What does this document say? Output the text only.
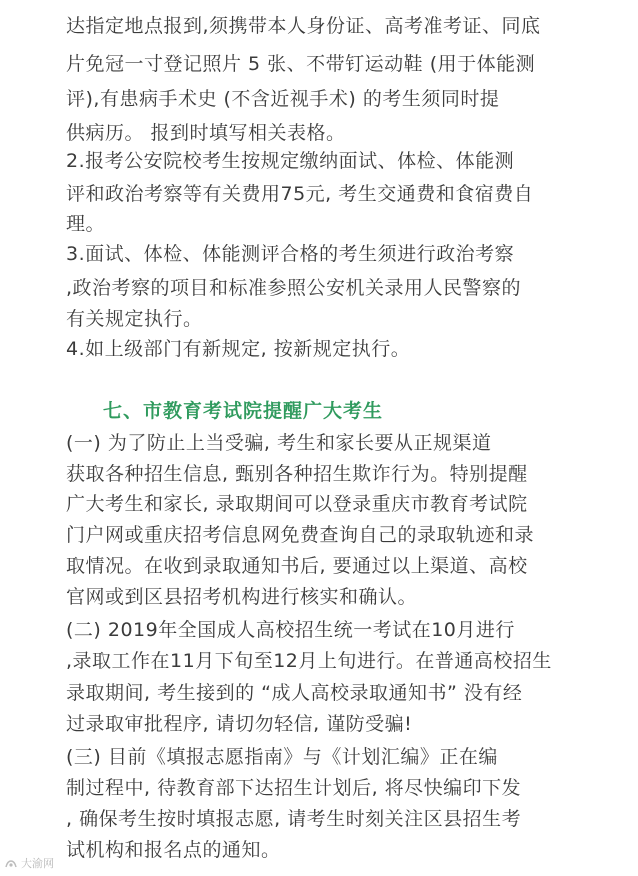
达指定地点报到,须携带本人身份证、高考准考证、同底
片免冠一寸登记照片 5 张、不带钉运动鞋 (用于体能测
评),有患病手术史 (不含近视手术) 的考生须同时提
供病历。 报到时填写相关表格。
2.报考公安院校考生按规定缴纳面试、体检、体能测
评和政治考察等有关费用75元, 考生交通费和食宿费自
理。
3.面试、体检、体能测评合格的考生须进行政治考察
,政治考察的项目和标准参照公安机关录用人民警察的
有关规定执行。
4.如上级部门有新规定, 按新规定执行。
七、市教育考试院提醒广大考生
(一) 为了防止上当受骗, 考生和家长要从正规渠道
获取各种招生信息, 甄别各种招生欺诈行为。特别提醒
广大考生和家长, 录取期间可以登录重庆市教育考试院
门户网或重庆招考信息网免费查询自己的录取轨迹和录
取情况。在收到录取通知书后, 要通过以上渠道、高校
官网或到区县招考机构进行核实和确认。
(二) 2019年全国成人高校招生统一考试在10月进行
,录取工作在11月下旬至12月上旬进行。在普通高校招生
录取期间, 考生接到的 “成人高校录取通知书” 没有经
过录取审批程序, 请切勿轻信, 谨防受骗!
(三) 目前《填报志愿指南》与《计划汇编》正在编
制过程中, 待教育部下达招生计划后, 将尽快编印下发
, 确保考生按时填报志愿, 请考生时刻关注区县招生考
试机构和报名点的通知。
大渝网
